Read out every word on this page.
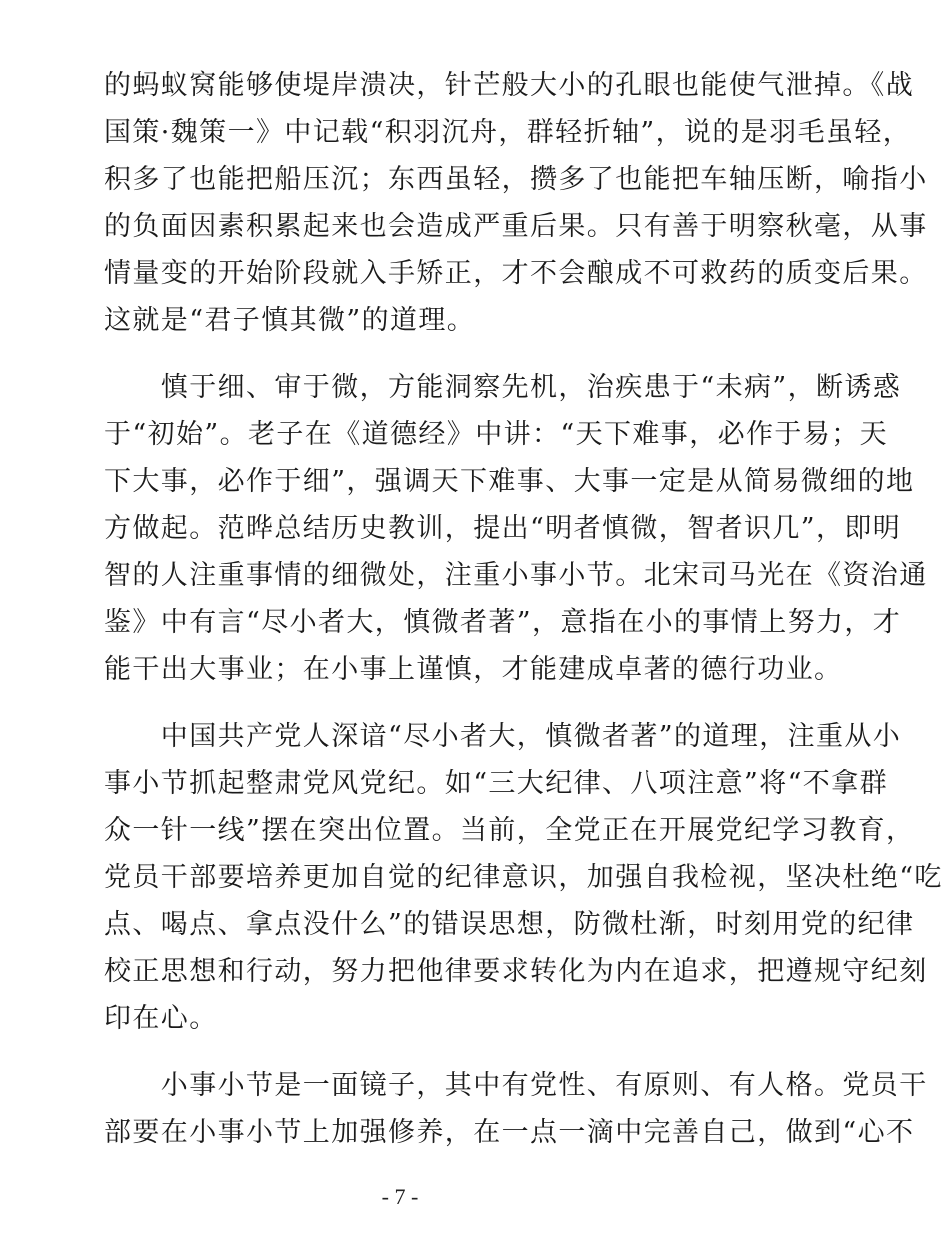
的蚂蚁窝能够使堤岸溃决，针芒般大小的孔眼也能使气泄掉。《战
国策·魏策一》中记载“积羽沉舟，群轻折轴”，说的是羽毛虽轻，
积多了也能把船压沉；东西虽轻，攒多了也能把车轴压断，喻指小
的负面因素积累起来也会造成严重后果。只有善于明察秋毫，从事
情量变的开始阶段就入手矫正，才不会酿成不可救药的质变后果。
这就是“君子慎其微”的道理。
　　慎于细、审于微，方能洞察先机，治疾患于“未病”，断诱惑
于“初始”。老子在《道德经》中讲：“天下难事，必作于易；天
下大事，必作于细”，强调天下难事、大事一定是从简易微细的地
方做起。范晔总结历史教训，提出“明者慎微，智者识几”，即明
智的人注重事情的细微处，注重小事小节。北宋司马光在《资治通
鉴》中有言“尽小者大，慎微者著”，意指在小的事情上努力，才
能干出大事业；在小事上谨慎，才能建成卓著的德行功业。
　　中国共产党人深谙“尽小者大，慎微者著”的道理，注重从小
事小节抓起整肃党风党纪。如“三大纪律、八项注意”将“不拿群
众一针一线”摆在突出位置。当前，全党正在开展党纪学习教育，
党员干部要培养更加自觉的纪律意识，加强自我检视，坚决杜绝“吃
点、喝点、拿点没什么”的错误思想，防微杜渐，时刻用党的纪律
校正思想和行动，努力把他律要求转化为内在追求，把遵规守纪刻
印在心。
　　小事小节是一面镜子，其中有党性、有原则、有人格。党员干
部要在小事小节上加强修养，在一点一滴中完善自己，做到“心不
- 7 -
